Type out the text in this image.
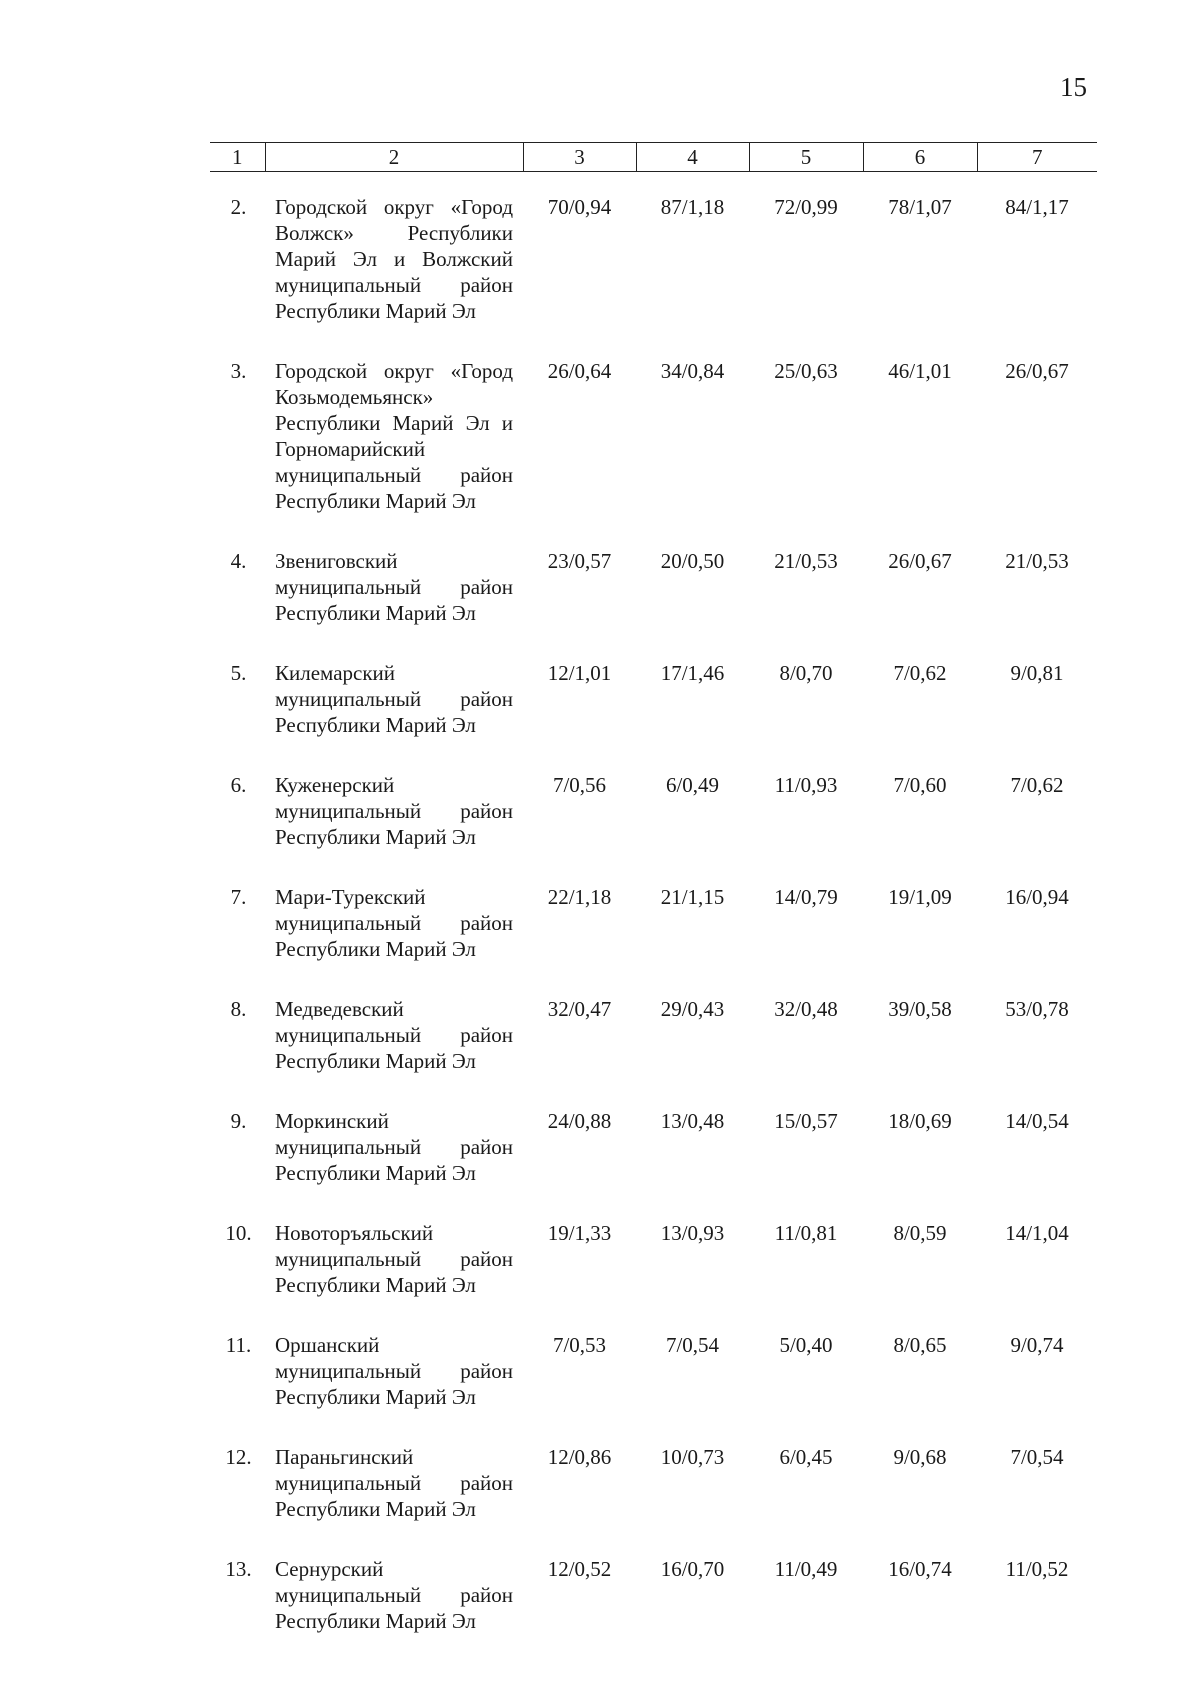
15
1	2	3	4	5	6	7

2.	Городской округ «Город Волжск» Республики Марий Эл и Волжский муниципальный район Республики Марий Эл	70/0,94	87/1,18	72/0,99	78/1,07	84/1,17
3.	Городской округ «Город Козьмодемьянск» Республики Марий Эл и Горномарийский муниципальный район Республики Марий Эл	26/0,64	34/0,84	25/0,63	46/1,01	26/0,67
4.	Звениговский муниципальный район Республики Марий Эл	23/0,57	20/0,50	21/0,53	26/0,67	21/0,53
5.	Килемарский муниципальный район Республики Марий Эл	12/1,01	17/1,46	8/0,70	7/0,62	9/0,81
6.	Куженерский муниципальный район Республики Марий Эл	7/0,56	6/0,49	11/0,93	7/0,60	7/0,62
7.	Мари-Турекский муниципальный район Республики Марий Эл	22/1,18	21/1,15	14/0,79	19/1,09	16/0,94
8.	Медведевский муниципальный район Республики Марий Эл	32/0,47	29/0,43	32/0,48	39/0,58	53/0,78
9.	Моркинский муниципальный район Республики Марий Эл	24/0,88	13/0,48	15/0,57	18/0,69	14/0,54
10.	Новоторъяльский муниципальный район Республики Марий Эл	19/1,33	13/0,93	11/0,81	8/0,59	14/1,04
11.	Оршанский муниципальный район Республики Марий Эл	7/0,53	7/0,54	5/0,40	8/0,65	9/0,74
12.	Параньгинский муниципальный район Республики Марий Эл	12/0,86	10/0,73	6/0,45	9/0,68	7/0,54
13.	Сернурский муниципальный район Республики Марий Эл	12/0,52	16/0,70	11/0,49	16/0,74	11/0,52
